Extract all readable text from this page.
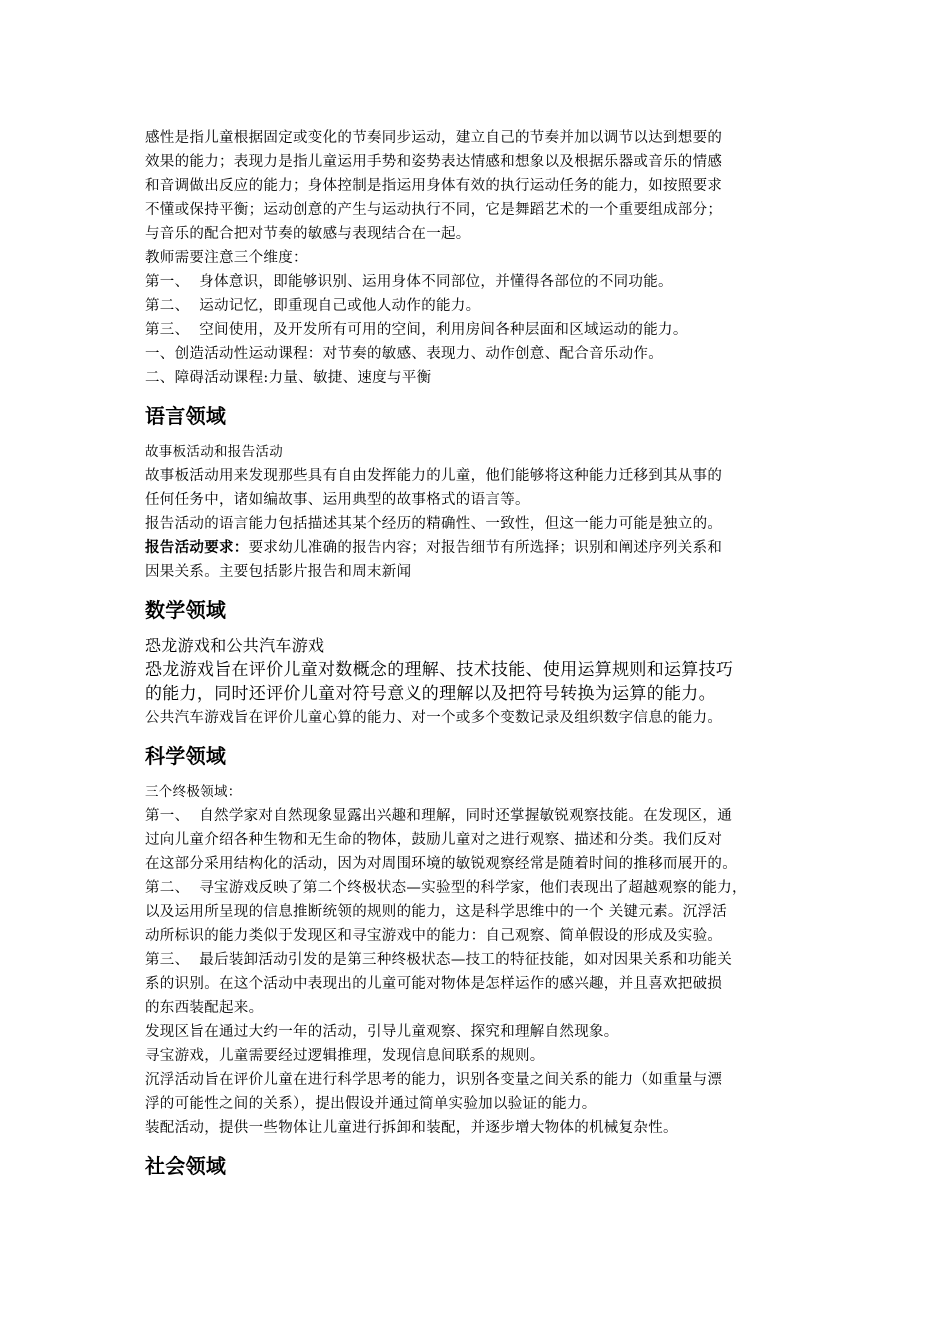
感性是指儿童根据固定或变化的节奏同步运动，建立自己的节奏并加以调节以达到想要的

效果的能力；表现力是指儿童运用手势和姿势表达情感和想象以及根据乐器或音乐的情感

和音调做出反应的能力；身体控制是指运用身体有效的执行运动任务的能力，如按照要求

不懂或保持平衡；运动创意的产生与运动执行不同，它是舞蹈艺术的一个重要组成部分；

与音乐的配合把对节奏的敏感与表现结合在一起。

教师需要注意三个维度：

第一、  身体意识，即能够识别、运用身体不同部位，并懂得各部位的不同功能。

第二、  运动记忆，即重现自己或他人动作的能力。

第三、  空间使用，及开发所有可用的空间，利用房间各种层面和区域运动的能力。

一、创造活动性运动课程：对节奏的敏感、表现力、动作创意、配合音乐动作。

二、障碍活动课程:力量、敏捷、速度与平衡

语言领域

故事板活动和报告活动

故事板活动用来发现那些具有自由发挥能力的儿童，他们能够将这种能力迁移到其从事的

任何任务中，诸如编故事、运用典型的故事格式的语言等。

报告活动的语言能力包括描述其某个经历的精确性、一致性，但这一能力可能是独立的。

报告活动要求：要求幼儿准确的报告内容；对报告细节有所选择；识别和阐述序列关系和

因果关系。主要包括影片报告和周末新闻

数学领域

恐龙游戏和公共汽车游戏

恐龙游戏旨在评价儿童对数概念的理解、技术技能、使用运算规则和运算技巧

的能力，同时还评价儿童对符号意义的理解以及把符号转换为运算的能力。

公共汽车游戏旨在评价儿童心算的能力、对一个或多个变数记录及组织数字信息的能力。

科学领域

三个终极领域：

第一、  自然学家对自然现象显露出兴趣和理解，同时还掌握敏锐观察技能。在发现区，通

过向儿童介绍各种生物和无生命的物体，鼓励儿童对之进行观察、描述和分类。我们反对

在这部分采用结构化的活动，因为对周围环境的敏锐观察经常是随着时间的推移而展开的。

第二、  寻宝游戏反映了第二个终极状态—实验型的科学家，他们表现出了超越观察的能力，

以及运用所呈现的信息推断统领的规则的能力，这是科学思维中的一个 关键元素。沉浮活

动所标识的能力类似于发现区和寻宝游戏中的能力：自己观察、简单假设的形成及实验。

第三、  最后装卸活动引发的是第三种终极状态—技工的特征技能，如对因果关系和功能关

系的识别。在这个活动中表现出的儿童可能对物体是怎样运作的感兴趣，并且喜欢把破损

的东西装配起来。

发现区旨在通过大约一年的活动，引导儿童观察、探究和理解自然现象。

寻宝游戏，儿童需要经过逻辑推理，发现信息间联系的规则。

沉浮活动旨在评价儿童在进行科学思考的能力，识别各变量之间关系的能力（如重量与漂

浮的可能性之间的关系），提出假设并通过简单实验加以验证的能力。

装配活动，提供一些物体让儿童进行拆卸和装配，并逐步增大物体的机械复杂性。

社会领域
